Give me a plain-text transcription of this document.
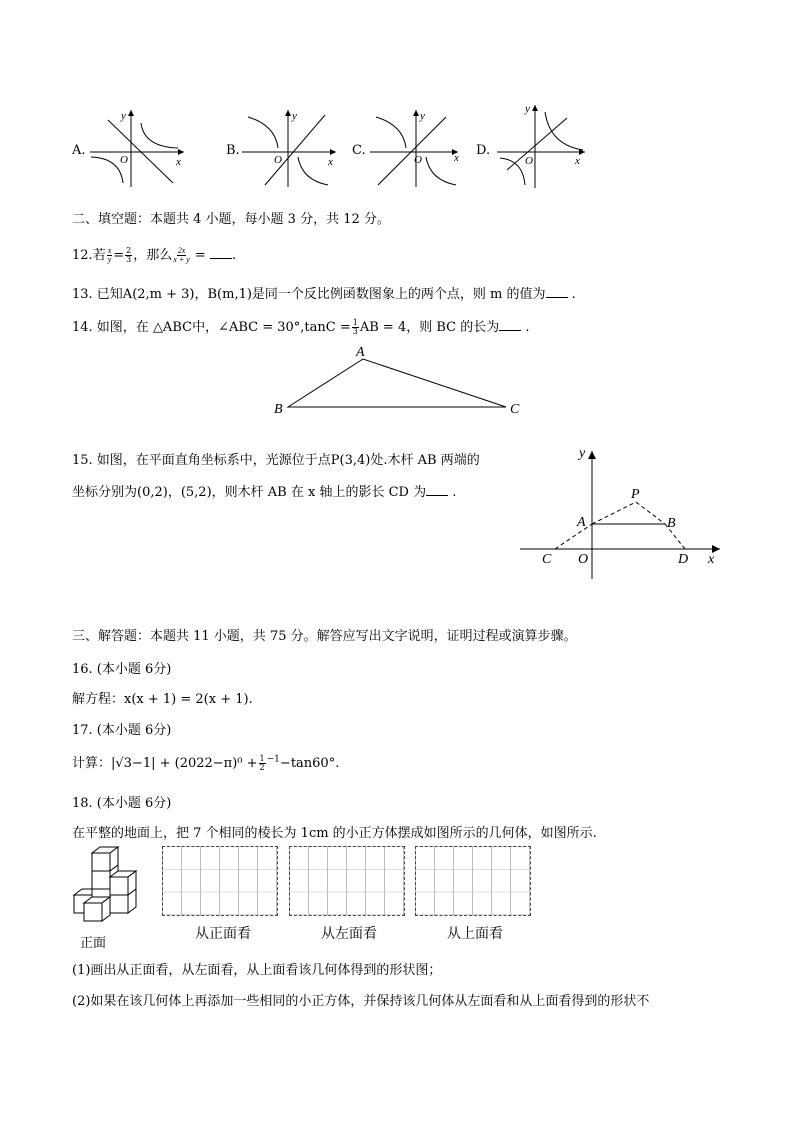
A.
y
x
O
B.
y
x
O
C.
y
x
O
D.
y
x
O
二、填空题：本题共 4 小题，每小题 3 分，共 12 分。
12.若 $\frac{x}{y} = \frac{2}{3}$ ，那么 $\frac{2x}{x + y}$ = .
13. 已知A(2,m + 3)，B(m,1)是同一个反比例函数图象上的两个点，则 m 的值为 .
14. 如图，在 △ABC中，∠ABC = $30^\circ,\tan C = \frac{1}{3}$ AB = 4，则 BC 的长为 .
A
B	C
15. 如图，在平面直角坐标系中，光源位于点P(3,4)处.木杆 AB 两端的
坐标分别为(0,2)，(5,2)，则木杆 AB 在 x 轴上的影长 CD 为 .
y
x
O
A	B
C	D
P
三、解答题：本题共 11 小题，共 75 分。解答应写出文字说明，证明过程或演算步骤。
16. (本小题 6分)
解方程：x(x + 1) = 2(x + 1).
17. (本小题 6分)
计算：$|√3-1| + (2022-\pi)^0 + \frac{1}{2} ^{-1}-\tan 60^\circ$.
18. (本小题 6分)
在平整的地面上，把 7 个相同的棱长为 1cm 的小正方体摆成如图所示的几何体，如图所示.
正面
从正面看	从左面看	从上面看
(1)画出从正面看，从左面看，从上面看该几何体得到的形状图；
(2)如果在该几何体上再添加一些相同的小正方体，并保持该几何体从左面看和从上面看得到的形状不
